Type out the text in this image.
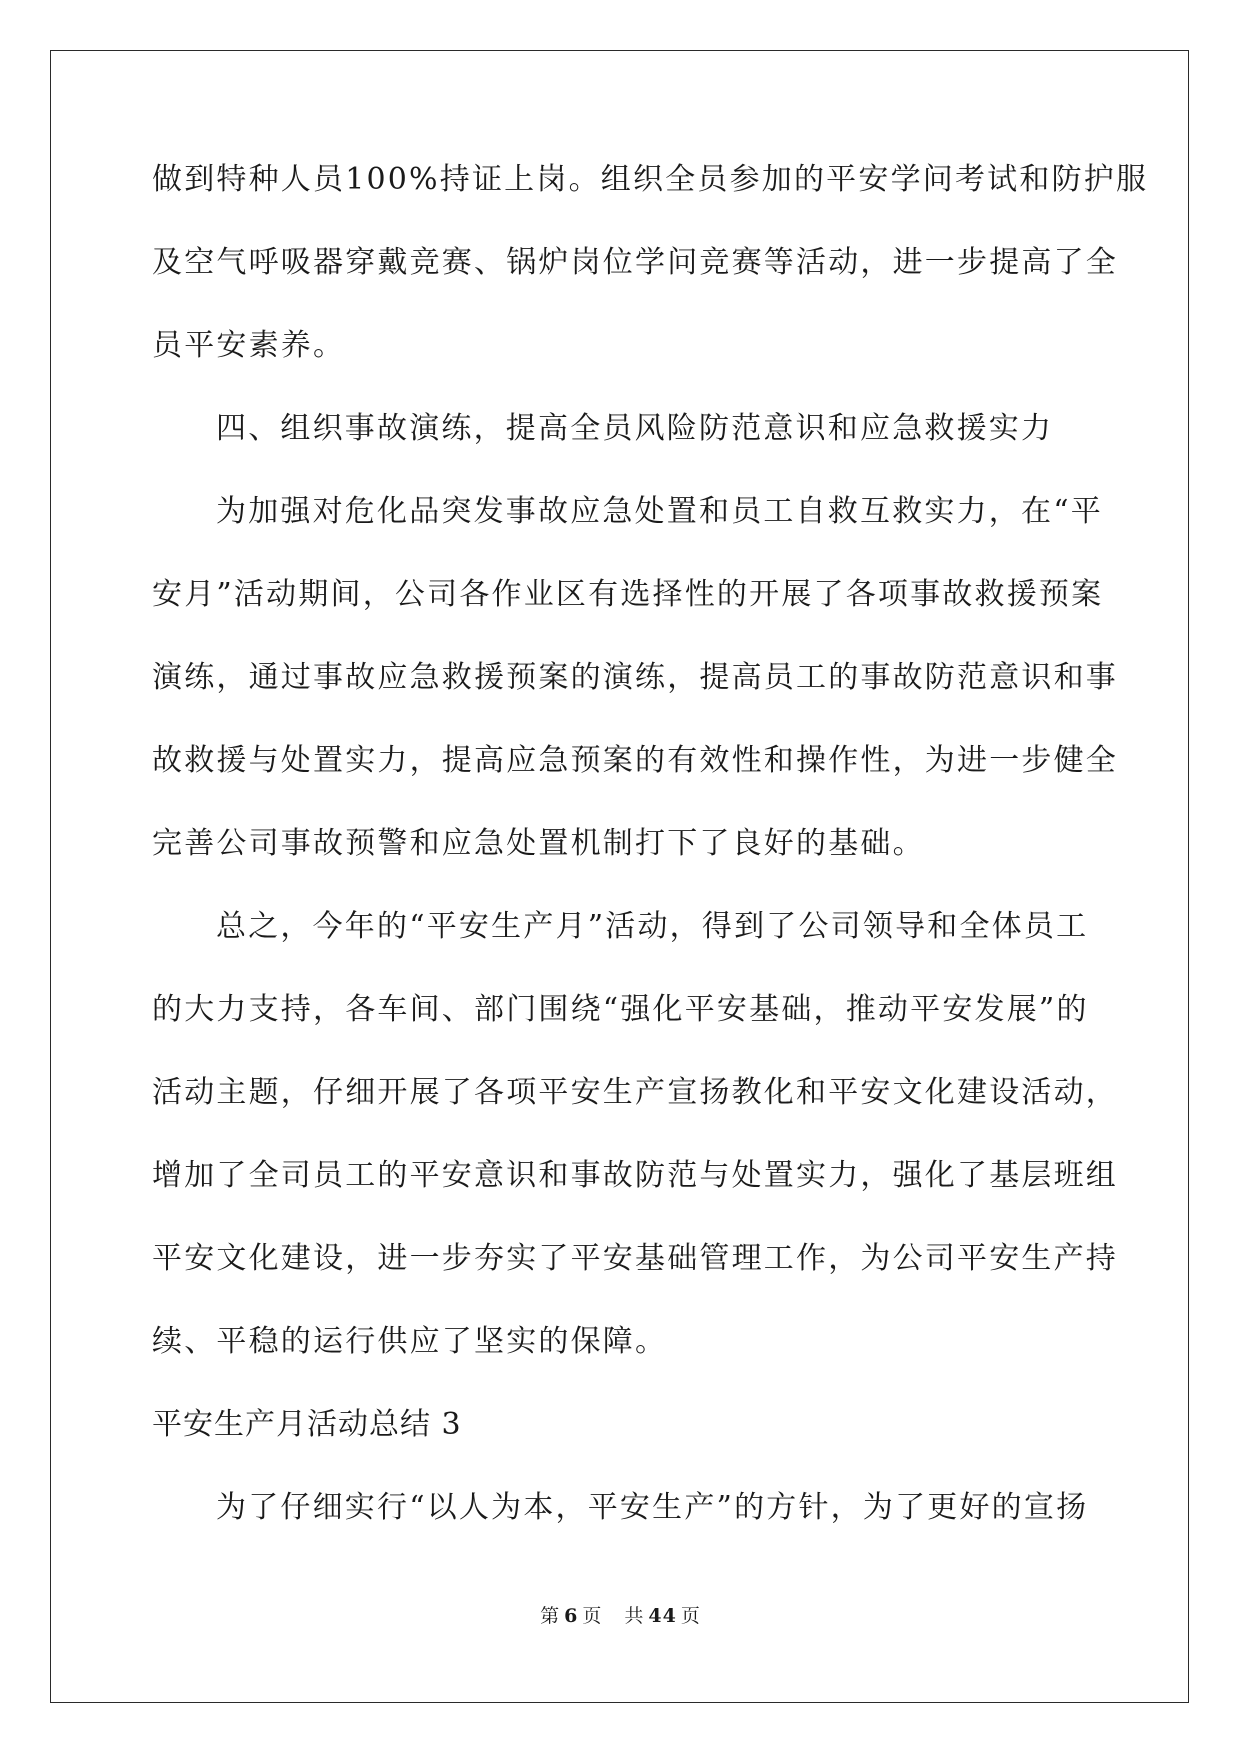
做到特种人员100%持证上岗。组织全员参加的平安学问考试和防护服
及空气呼吸器穿戴竞赛、锅炉岗位学问竞赛等活动，进一步提高了全
员平安素养。
四、组织事故演练，提高全员风险防范意识和应急救援实力
为加强对危化品突发事故应急处置和员工自救互救实力，在“平
安月”活动期间，公司各作业区有选择性的开展了各项事故救援预案
演练，通过事故应急救援预案的演练，提高员工的事故防范意识和事
故救援与处置实力，提高应急预案的有效性和操作性，为进一步健全
完善公司事故预警和应急处置机制打下了良好的基础。
总之，今年的“平安生产月”活动，得到了公司领导和全体员工
的大力支持，各车间、部门围绕“强化平安基础，推动平安发展”的
活动主题，仔细开展了各项平安生产宣扬教化和平安文化建设活动，
增加了全司员工的平安意识和事故防范与处置实力，强化了基层班组
平安文化建设，进一步夯实了平安基础管理工作，为公司平安生产持
续、平稳的运行供应了坚实的保障。
平安生产月活动总结 3
为了仔细实行“以人为本，平安生产”的方针，为了更好的宣扬
第 6 页 共 44 页
